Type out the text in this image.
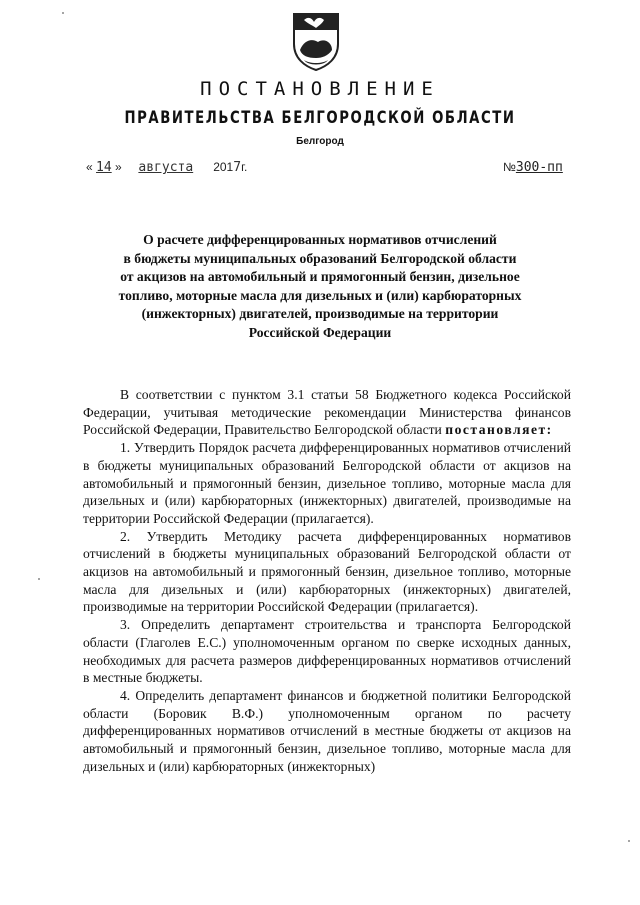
ПОСТАНОВЛЕНИЕ
ПРАВИТЕЛЬСТВА БЕЛГОРОДСКОЙ ОБЛАСТИ
Белгород
« 14 » августа 2017г.	№300-пп
О расчете дифференцированных нормативов отчислений
в бюджеты муниципальных образований Белгородской области
от акцизов на автомобильный и прямогонный бензин, дизельное
топливо, моторные масла для дизельных и (или) карбюраторных
(инжекторных) двигателей, производимые на территории
Российской Федерации

В соответствии с пунктом 3.1 статьи 58 Бюджетного кодекса Российской Федерации, учитывая методические рекомендации Министерства финансов Российской Федерации, Правительство Белгородской области постановляет:

1. Утвердить Порядок расчета дифференцированных нормативов отчислений в бюджеты муниципальных образований Белгородской области от акцизов на автомобильный и прямогонный бензин, дизельное топливо, моторные масла для дизельных и (или) карбюраторных (инжекторных) двигателей, производимые на территории Российской Федерации (прилагается).

2. Утвердить Методику расчета дифференцированных нормативов отчислений в бюджеты муниципальных образований Белгородской области от акцизов на автомобильный и прямогонный бензин, дизельное топливо, моторные масла для дизельных и (или) карбюраторных (инжекторных) двигателей, производимые на территории Российской Федерации (прилагается).

3. Определить департамент строительства и транспорта Белгородской области (Глаголев Е.С.) уполномоченным органом по сверке исходных данных, необходимых для расчета размеров дифференцированных нормативов отчислений в местные бюджеты.

4. Определить департамент финансов и бюджетной политики Белгородской области (Боровик В.Ф.) уполномоченным органом по расчету дифференцированных нормативов отчислений в местные бюджеты от акцизов на автомобильный и прямогонный бензин, дизельное топливо, моторные масла для дизельных и (или) карбюраторных (инжекторных)
